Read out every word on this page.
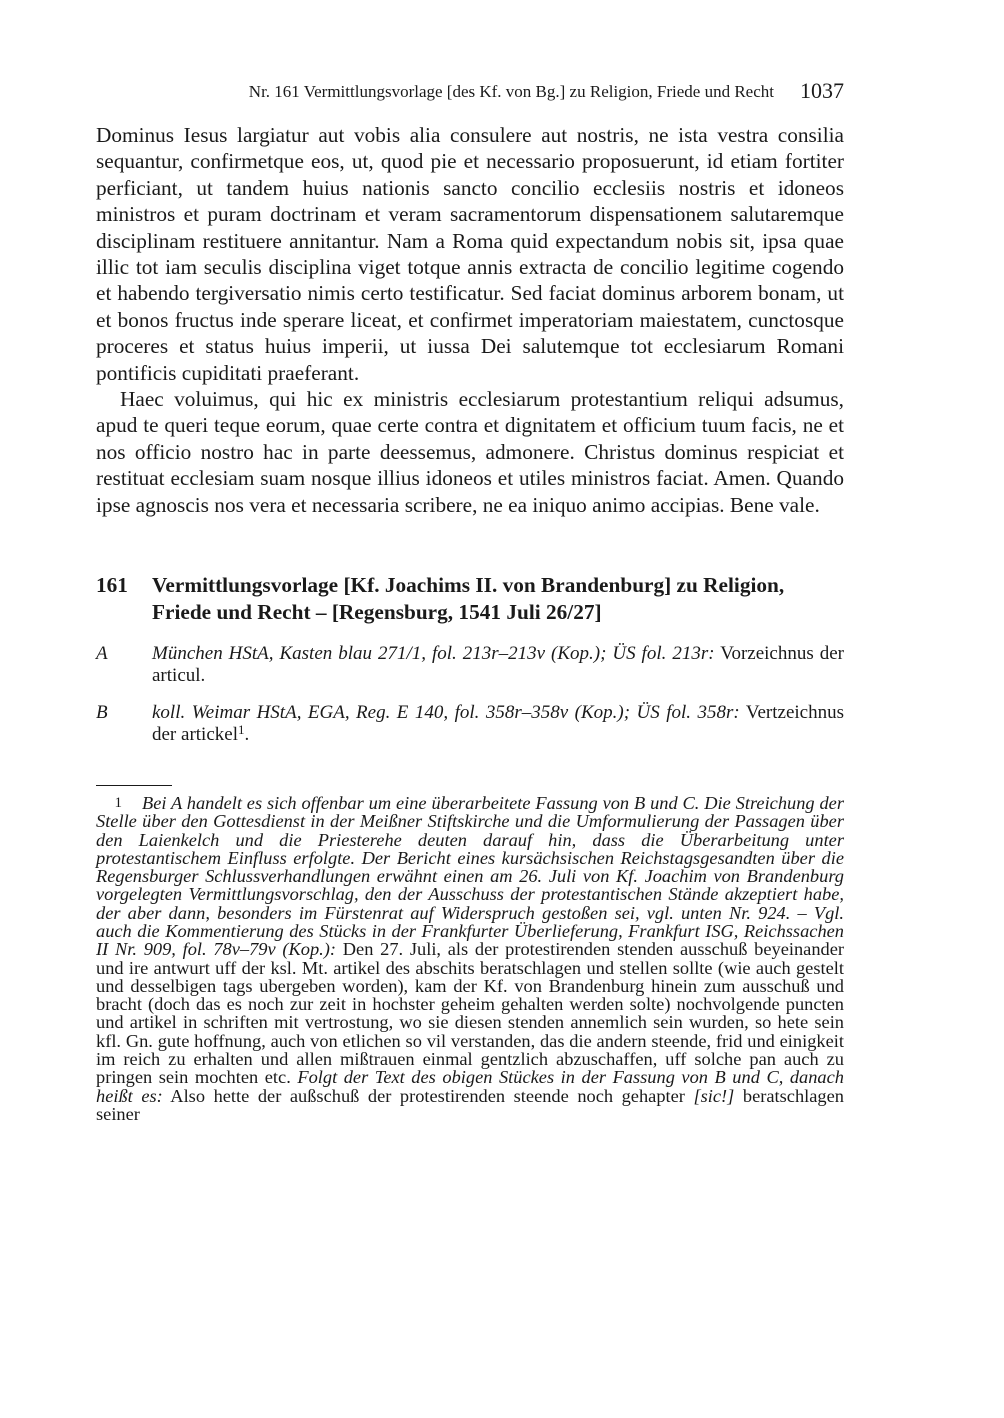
Nr. 161 Vermittlungsvorlage [des Kf. von Bg.] zu Religion, Friede und Recht 1037

Dominus Iesus largiatur aut vobis alia consulere aut nostris, ne ista vestra consilia sequantur, confirmetque eos, ut, quod pie et necessario proposuerunt, id etiam fortiter perficiant, ut tandem huius nationis sancto concilio ecclesiis nostris et idoneos ministros et puram doctrinam et veram sacramentorum dispensationem salutaremque disciplinam restituere annitantur. Nam a Roma quid expectandum nobis sit, ipsa quae illic tot iam seculis disciplina viget totque annis extracta de concilio legitime cogendo et habendo tergiversatio nimis certo testificatur. Sed faciat dominus arborem bonam, ut et bonos fructus inde sperare liceat, et confirmet imperatoriam maiestatem, cunctosque proceres et status huius imperii, ut iussa Dei salutemque tot ecclesiarum Romani pontificis cupiditati praeferant.

Haec voluimus, qui hic ex ministris ecclesiarum protestantium reliqui adsumus, apud te queri teque eorum, quae certe contra et dignitatem et officium tuum facis, ne et nos officio nostro hac in parte deessemus, admonere. Christus dominus respiciat et restituat ecclesiam suam nosque illius idoneos et utiles ministros faciat. Amen. Quando ipse agnoscis nos vera et necessaria scribere, ne ea iniquo animo accipias. Bene vale.

161	Vermittlungsvorlage [Kf. Joachims II. von Brandenburg] zu Religion, Friede und Recht – [Regensburg, 1541 Juli 26/27]
A	München HStA, Kasten blau 271/1, fol. 213r–213v (Kop.); ÜS fol. 213r: Vorzeichnus der articul.
B	koll. Weimar HStA, EGA, Reg. E 140, fol. 358r–358v (Kop.); ÜS fol. 358r: Vertzeichnus der artickel$^1$.
1 Bei A handelt es sich offenbar um eine überarbeitete Fassung von B und C. Die Streichung der Stelle über den Gottesdienst in der Meißner Stiftskirche und die Umformulierung der Passagen über den Laienkelch und die Priesterehe deuten darauf hin, dass die Überarbeitung unter protestantischem Einfluss erfolgte. Der Bericht eines kursächsischen Reichstagsgesandten über die Regensburger Schlussverhandlungen erwähnt einen am 26. Juli von Kf. Joachim von Brandenburg vorgelegten Vermittlungsvorschlag, den der Ausschuss der protestantischen Stände akzeptiert habe, der aber dann, besonders im Fürstenrat auf Widerspruch gestoßen sei, vgl. unten Nr. 924. – Vgl. auch die Kommentierung des Stücks in der Frankfurter Überlieferung, Frankfurt ISG, Reichssachen II Nr. 909, fol. 78v–79v (Kop.): Den 27. Juli, als der protestirenden stenden ausschuß beyeinander und ire antwurt uff der ksl. Mt. artikel des abschits beratschlagen und stellen sollte (wie auch gestelt und desselbigen tags ubergeben worden), kam der Kf. von Brandenburg hinein zum ausschuß und bracht (doch das es noch zur zeit in hochster geheim gehalten werden solte) nochvolgende puncten und artikel in schriften mit vertrostung, wo sie diesen stenden annemlich sein wurden, so hete sein kfl. Gn. gute hoffnung, auch von etlichen so vil verstanden, das die andern steende, frid und einigkeit im reich zu erhalten und allen mißtrauen einmal gentzlich abzuschaffen, uff solche pan auch zu pringen sein mochten etc. Folgt der Text des obigen Stückes in der Fassung von B und C, danach heißt es: Also hette der außschuß der protestirenden steende noch gehapter [sic!] beratschlagen seiner
